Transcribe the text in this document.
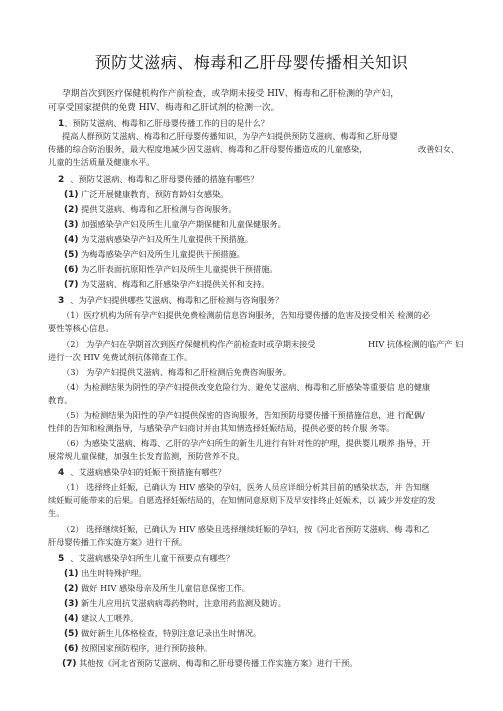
预防艾滋病、梅毒和乙肝母婴传播相关知识
孕期首次到医疗保健机构作产前检查，或孕期未接受 HIV、梅毒和乙肝检测的孕产妇，
可享受国家提供的免费 HIV、梅毒和乙肝试剂的检测一次。
1、预防艾滋病、梅毒和乙肝母婴传播工作的目的是什么？
提高人群预防艾滋病、梅毒和乙肝母婴传播知识，为孕产妇提供预防艾滋病、梅毒和乙肝母婴
传播的综合防治服务，最大程度地减少因艾滋病、梅毒和乙肝母婴传播造成的儿童感染，	改善妇女、
儿童的生活质量及健康水平。
2 、预防艾滋病、梅毒和乙肝母婴传播的措施有哪些？
(1) 广泛开展健康教育，预防育龄妇女感染。
(2) 提供艾滋病、梅毒和乙肝检测与咨询服务。
(3) 加强感染孕产妇及所生儿童孕产期保健和儿童保健服务。
(4) 为艾滋病感染孕产妇及所生儿童提供干预措施。
(5) 为梅毒感染孕产妇及所生儿童提供干预措施。
(6) 为乙肝表面抗原阳性孕产妇及所生儿童提供干预措施。
(7) 为艾滋病、梅毒和乙肝感染孕产妇提供关怀和支持。
3 、为孕产妇提供哪些艾滋病、梅毒和乙肝检测与咨询服务？
（1）医疗机构为所有孕产妇提供免费检测前信息咨询服务，告知母婴传播的危害及接受相关 检测的必
要性等核心信息。
（2） 为孕产妇在孕期首次到医疗保健机构作产前检查时或孕期未接受	HIV 抗体检测的临产产 妇
进行一次 HIV 免费试剂抗体筛查工作。
（3） 为孕产妇提供艾滋病、梅毒和乙肝检测后免费咨询服务。
（4）为检测结果为阴性的孕产妇提供改变危险行为、避免艾滋病、梅毒和乙肝感染等重要信 息的健康
教育。
（5）为检测结果为阳性的孕产妇提供保密的咨询服务，告知预防母婴传播干预措施信息，进 行配偶/
性伴的告知和检测指导，与感染孕产妇商讨并由其知情选择妊娠结局，提供必要的转介服 务等。
（6）为感染艾滋病、梅毒、乙肝的孕产妇所生的新生儿进行有针对性的护理，提供婴儿喂养 指导，开
展常规儿童保健，加强生长发育监测，预防营养不良。
4 、艾滋病感染孕妇的妊娠干预措施有哪些？
（1） 选择终止妊娠，已确认为 HIV 感染的孕妇，医务人员应详细分析其目前的感染状态，并 告知继
续妊娠可能带来的后果。自愿选择妊娠结局的，在知情同意原则下及早安排终止妊娠术，以 减少并发症的发
生。
（2） 选择继续妊娠，已确认为 HIV 感染且选择继续妊娠的孕妇，按《河北省预防艾滋病、梅 毒和乙
肝母婴传播工作实施方案》进行干预。
5 、艾滋病感染孕妇所生儿童干预要点有哪些？
(1) 出生时特殊护理。
(2) 做好 HIV 感染母亲及所生儿童信息保密工作。
(3) 新生儿应用抗艾滋病病毒药物时，注意用药监测及随访。
(4) 建议人工喂养。
(5) 做好新生儿体格检查，特别注意记录出生时情况。
(6) 按照国家预防程序，进行预防接种。
(7) 其他按《河北省预防艾滋病、梅毒和乙肝母婴传播工作实施方案》进行干预。
